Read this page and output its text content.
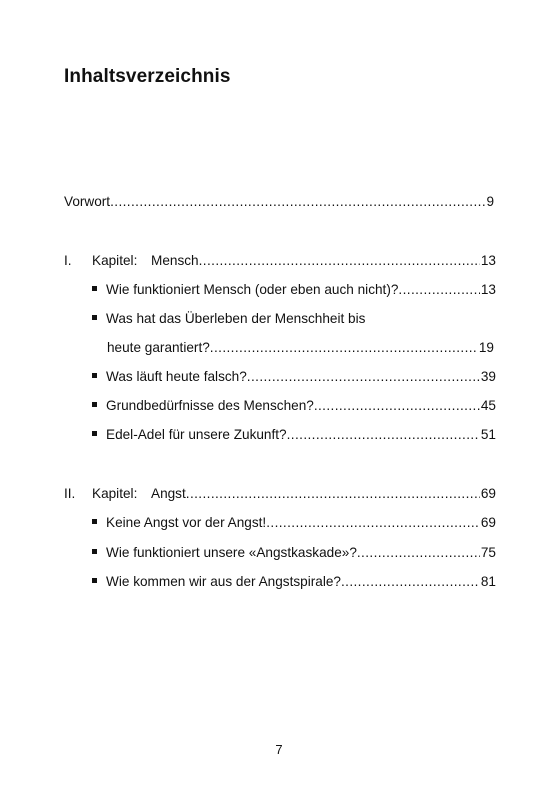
Inhaltsverzeichnis
Vorwort .....	9
I. Kapitel: Mensch .....	13
Wie funktioniert Mensch (oder eben auch nicht)? .....	13
Was hat das Überleben der Menschheit bis
heute garantiert? .....	19
Was läuft heute falsch? .....	39
Grundbedürfnisse des Menschen? .....	45
Edel-Adel für unsere Zukunft? .....	51
II. Kapitel: Angst .....	69
Keine Angst vor der Angst! .....	69
Wie funktioniert unsere «Angstkaskade»? .....	75
Wie kommen wir aus der Angstspirale? .....	81
7
